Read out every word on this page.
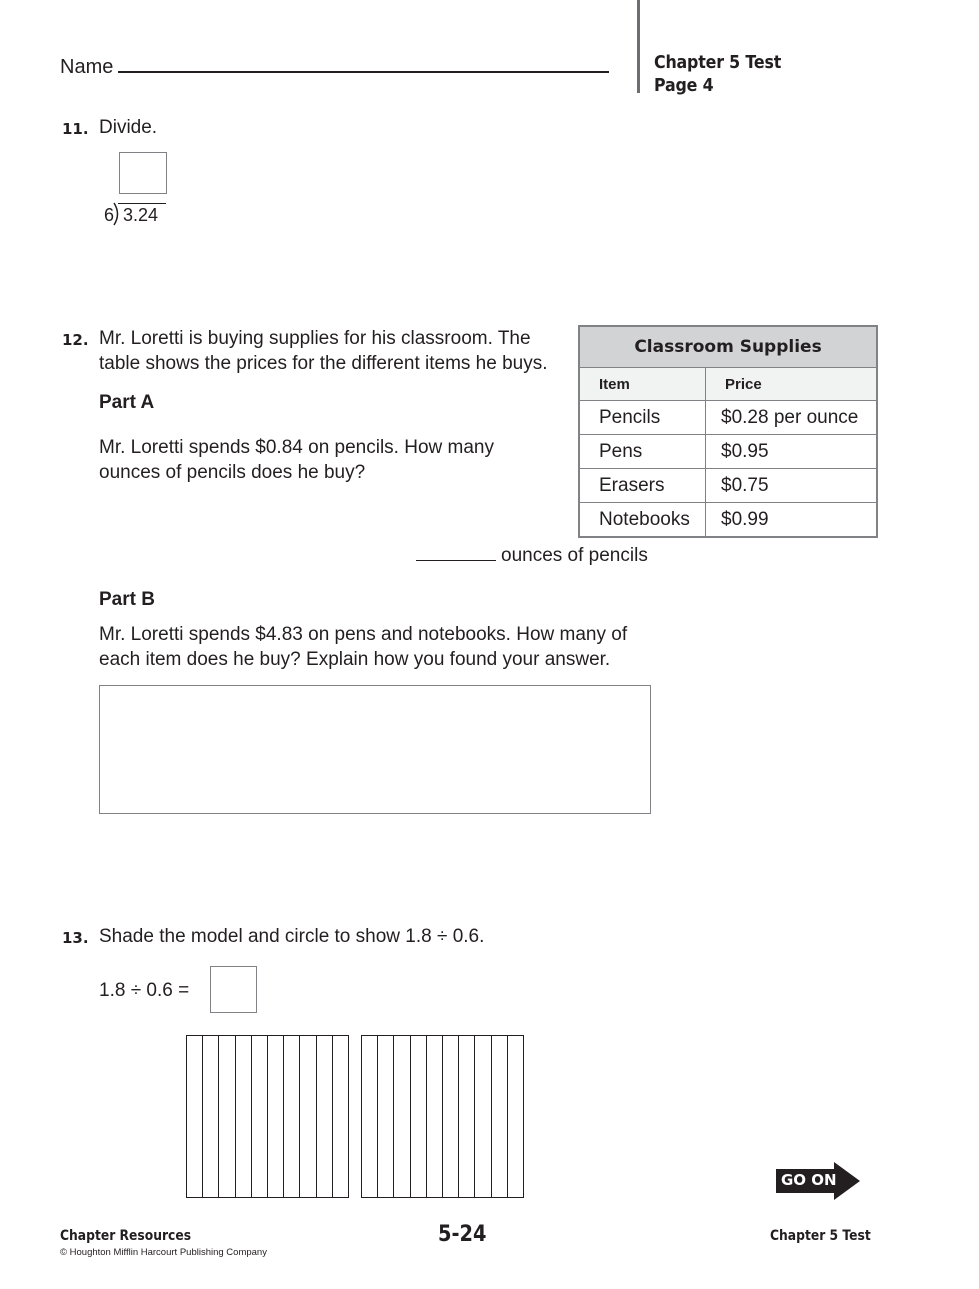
Name	Chapter 5 Test
Page 4
11. Divide.
6 3.24
12. Mr. Loretti is buying supplies for his classroom. The
table shows the prices for the different items he buys.
Part A
Mr. Loretti spends $0.84 on pencils. How many
ounces of pencils does he buy?
Classroom Supplies	
Item	Price
Pencils	$0.28 per ounce
Pens	$0.95
Erasers	$0.75
Notebooks	$0.99
ounces of pencils
Part B
Mr. Loretti spends $4.83 on pens and notebooks. How many of
each item does he buy? Explain how you found your answer.
13. Shade the model and circle to show 1.8 ÷ 0.6.
1.8 ÷ 0.6 =
GO ON
Chapter Resources
© Houghton Mifflin Harcourt Publishing Company
5-24	Chapter 5 Test
